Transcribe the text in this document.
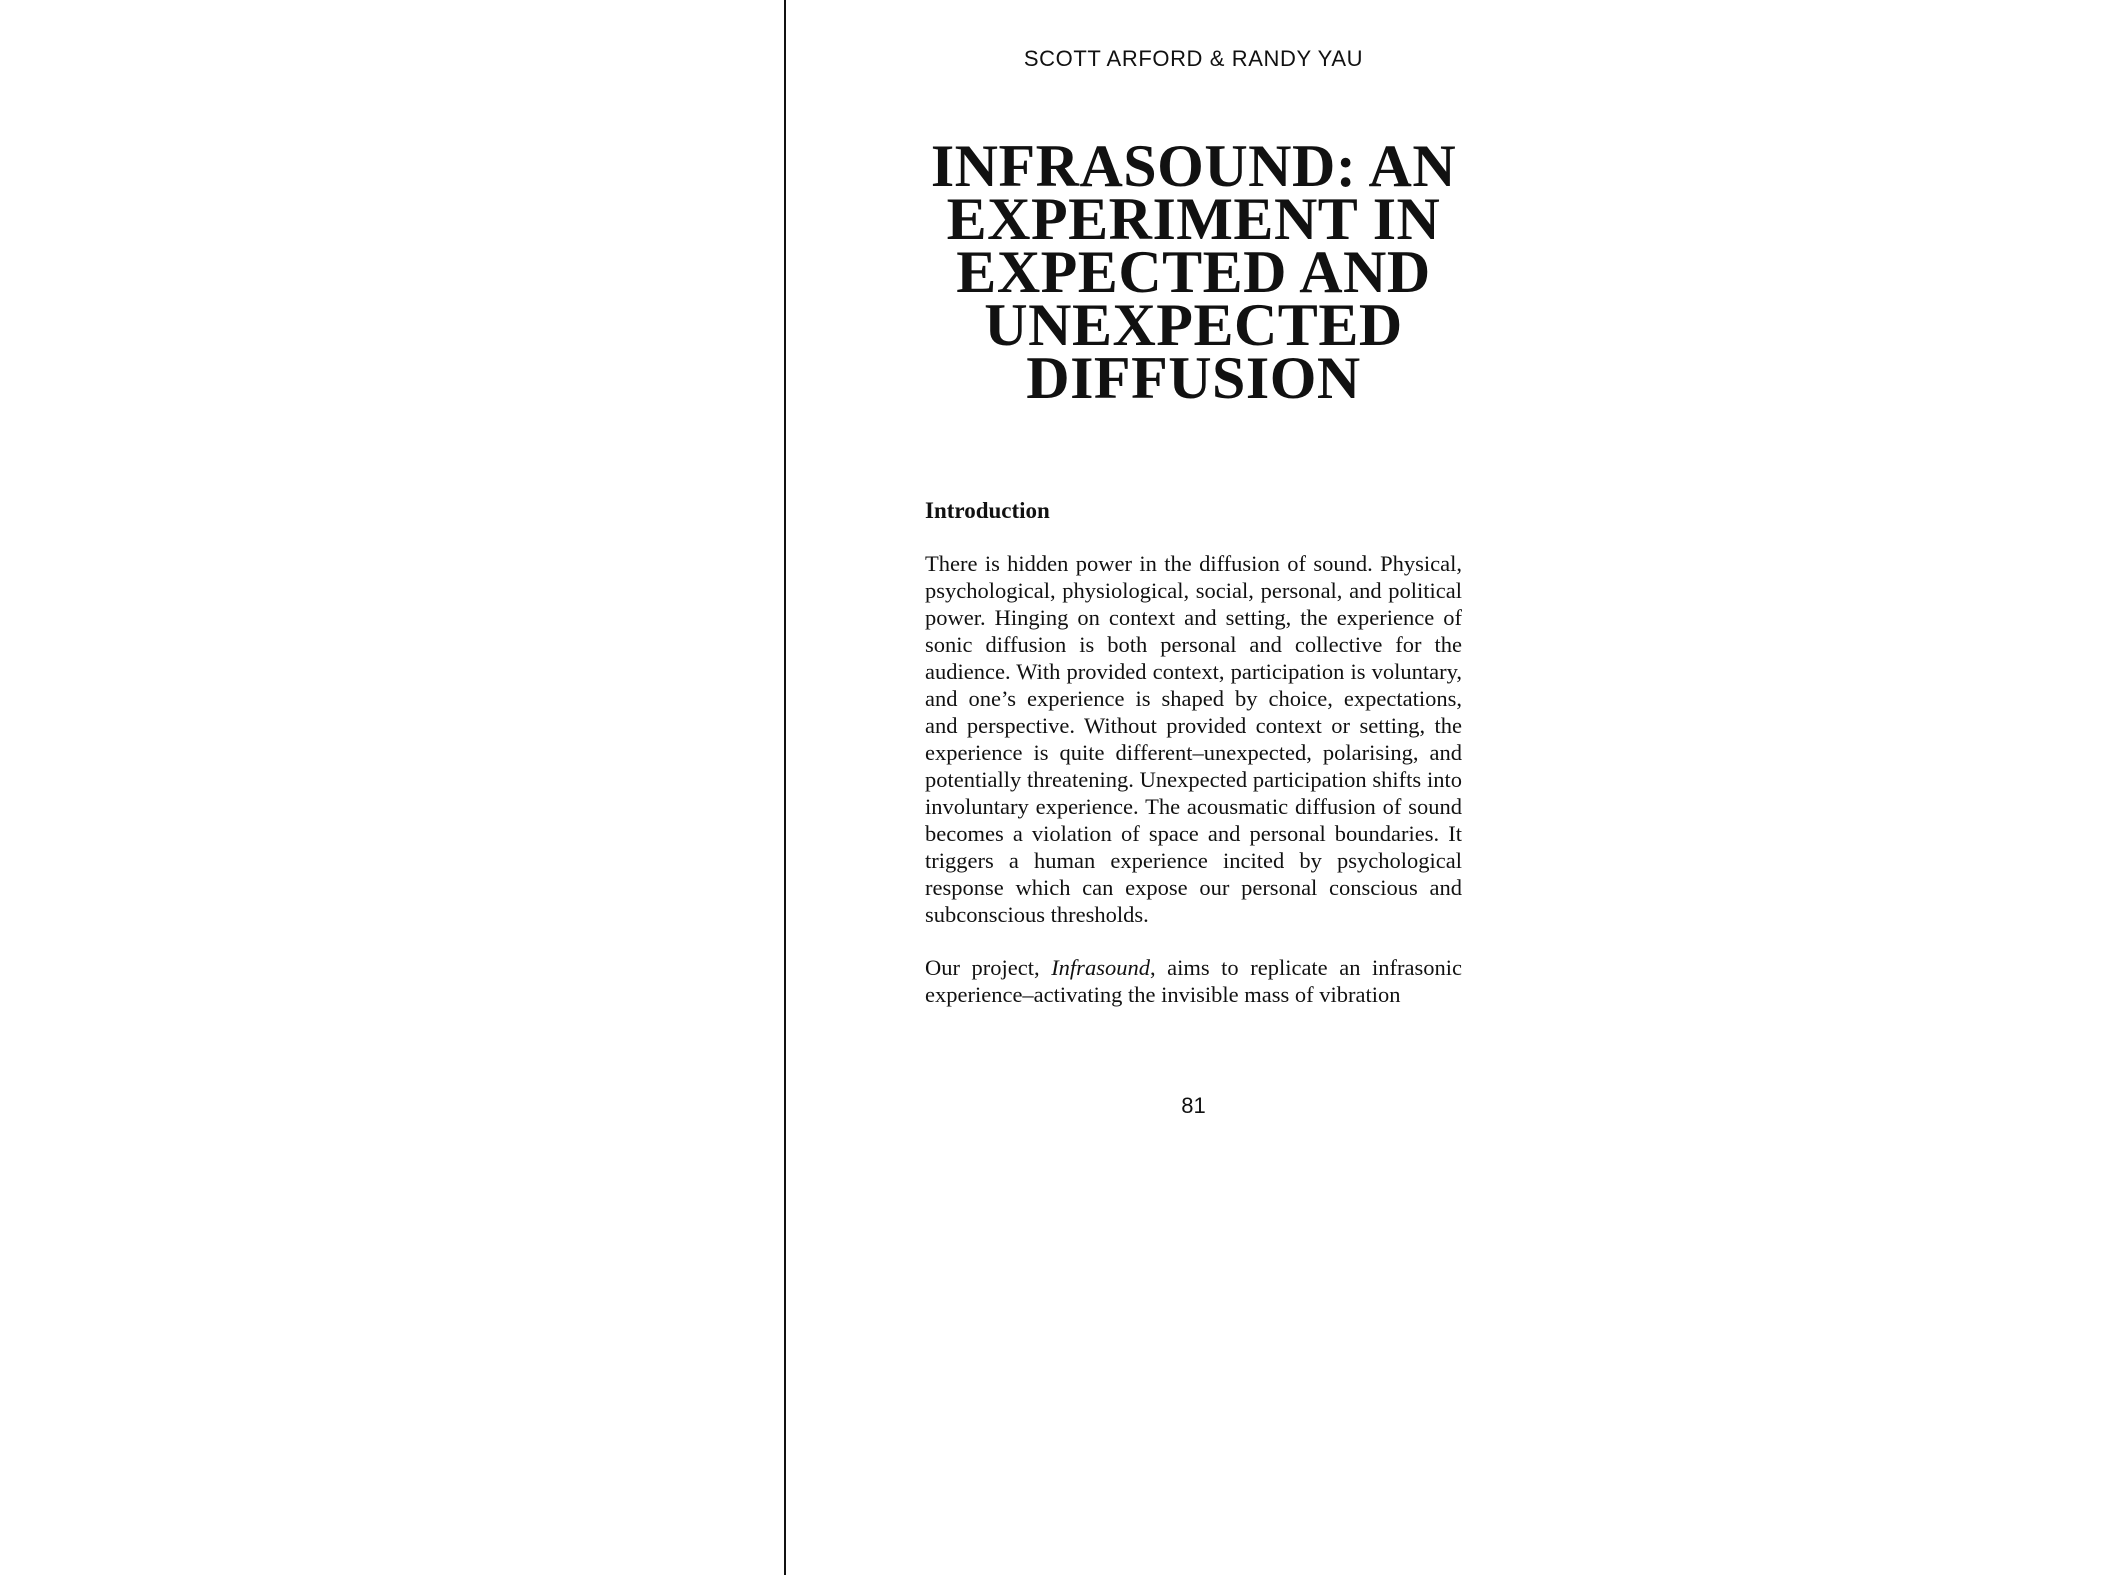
SCOTT ARFORD & RANDY YAU
INFRASOUND: AN
EXPERIMENT IN
EXPECTED AND
UNEXPECTED
DIFFUSION
Introduction

There is hidden power in the diffusion of sound. Physical, psychological, physiological, social, personal, and political power. Hinging on context and setting, the experience of sonic diffusion is both personal and collective for the audience. With provided context, participation is voluntary, and one’s experience is shaped by choice, expectations, and perspective. Without provided context or setting, the experience is quite different–unexpected, polarising, and potentially threatening. Unexpected participation shifts into involuntary experience. The acousmatic diffusion of sound becomes a violation of space and personal boundaries. It triggers a human experience incited by psychological response which can expose our personal conscious and subconscious thresholds.

Our project, Infrasound, aims to replicate an infrasonic experience–activating the invisible mass of vibration

81
